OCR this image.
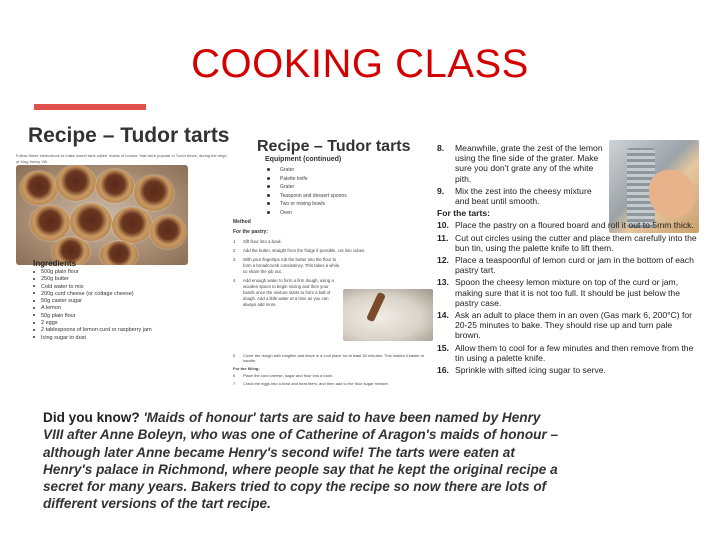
COOKING CLASS
Recipe – Tudor tarts
Follow these instructions to make sweet tarts called 'maids of honour' that were popular in Tudor times, during the reign of King Henry VIII.
Ingredients
500g plain flour
250g butter
Cold water to mix
200g curd cheese (or cottage cheese)
50g caster sugar
A lemon
50g plain flour
2 eggs
2 tablespoons of lemon curd or raspberry jam
Icing sugar to dust
Recipe – Tudor tarts
Equipment (continued)
Grater
Palette knife
Grater
Teaspoon and dessert spoons
Two or mixing bowls
Oven
Method
For the pastry:
1	Sift flour into a bowl.
2	Add the butter, straight from the fridge if possible, cut into cubes.
3	With your fingertips rub the butter into the flour to form a breadcrumb consistency. This takes a while, so share the job out.
4	Add enough water to form a firm dough, using a wooden spoon to begin mixing and then your hands once the mixture starts to form a ball of dough. Add a little water at a time as you can always add more.
5	Cover the dough with clingfilm and leave in a cool place for at least 30 minutes. This makes it easier to handle.
For the filling:
6	Place the curd cheese, sugar and flour into a bowl.
7	Crack the eggs into a bowl and beat them, and then add to the flour sugar mixture.
8.	Meanwhile, grate the zest of the lemon using the fine side of the grater. Make sure you don't grate any of the white pith.
9.	Mix the zest into the cheesy mixture and beat until smooth.
For the tarts:
10. Place the pastry on a floured board and roll it out to 5mm thick.
11. Cut out circles using the cutter and place them carefully into the bun tin, using the palette knife to lift them.
12. Place a teaspoonful of lemon curd or jam in the bottom of each pastry tart.
13. Spoon the cheesy lemon mixture on top of the curd or jam, making sure that it is not too full. It should be just below the pastry case.
14. Ask an adult to place them in an oven (Gas mark 6, 200°C) for 20-25 minutes to bake. They should rise up and turn pale brown.
15. Allow them to cool for a few minutes and then remove from the tin using a palette knife.
16. Sprinkle with sifted icing sugar to serve.
Did you know? 'Maids of honour' tarts are said to have been named by Henry VIII after Anne Boleyn, who was one of Catherine of Aragon's maids of honour – although later Anne became Henry's second wife! The tarts were eaten at Henry's palace in Richmond, where people say that he kept the original recipe a secret for many years. Bakers tried to copy the recipe so now there are lots of different versions of the tart recipe.
